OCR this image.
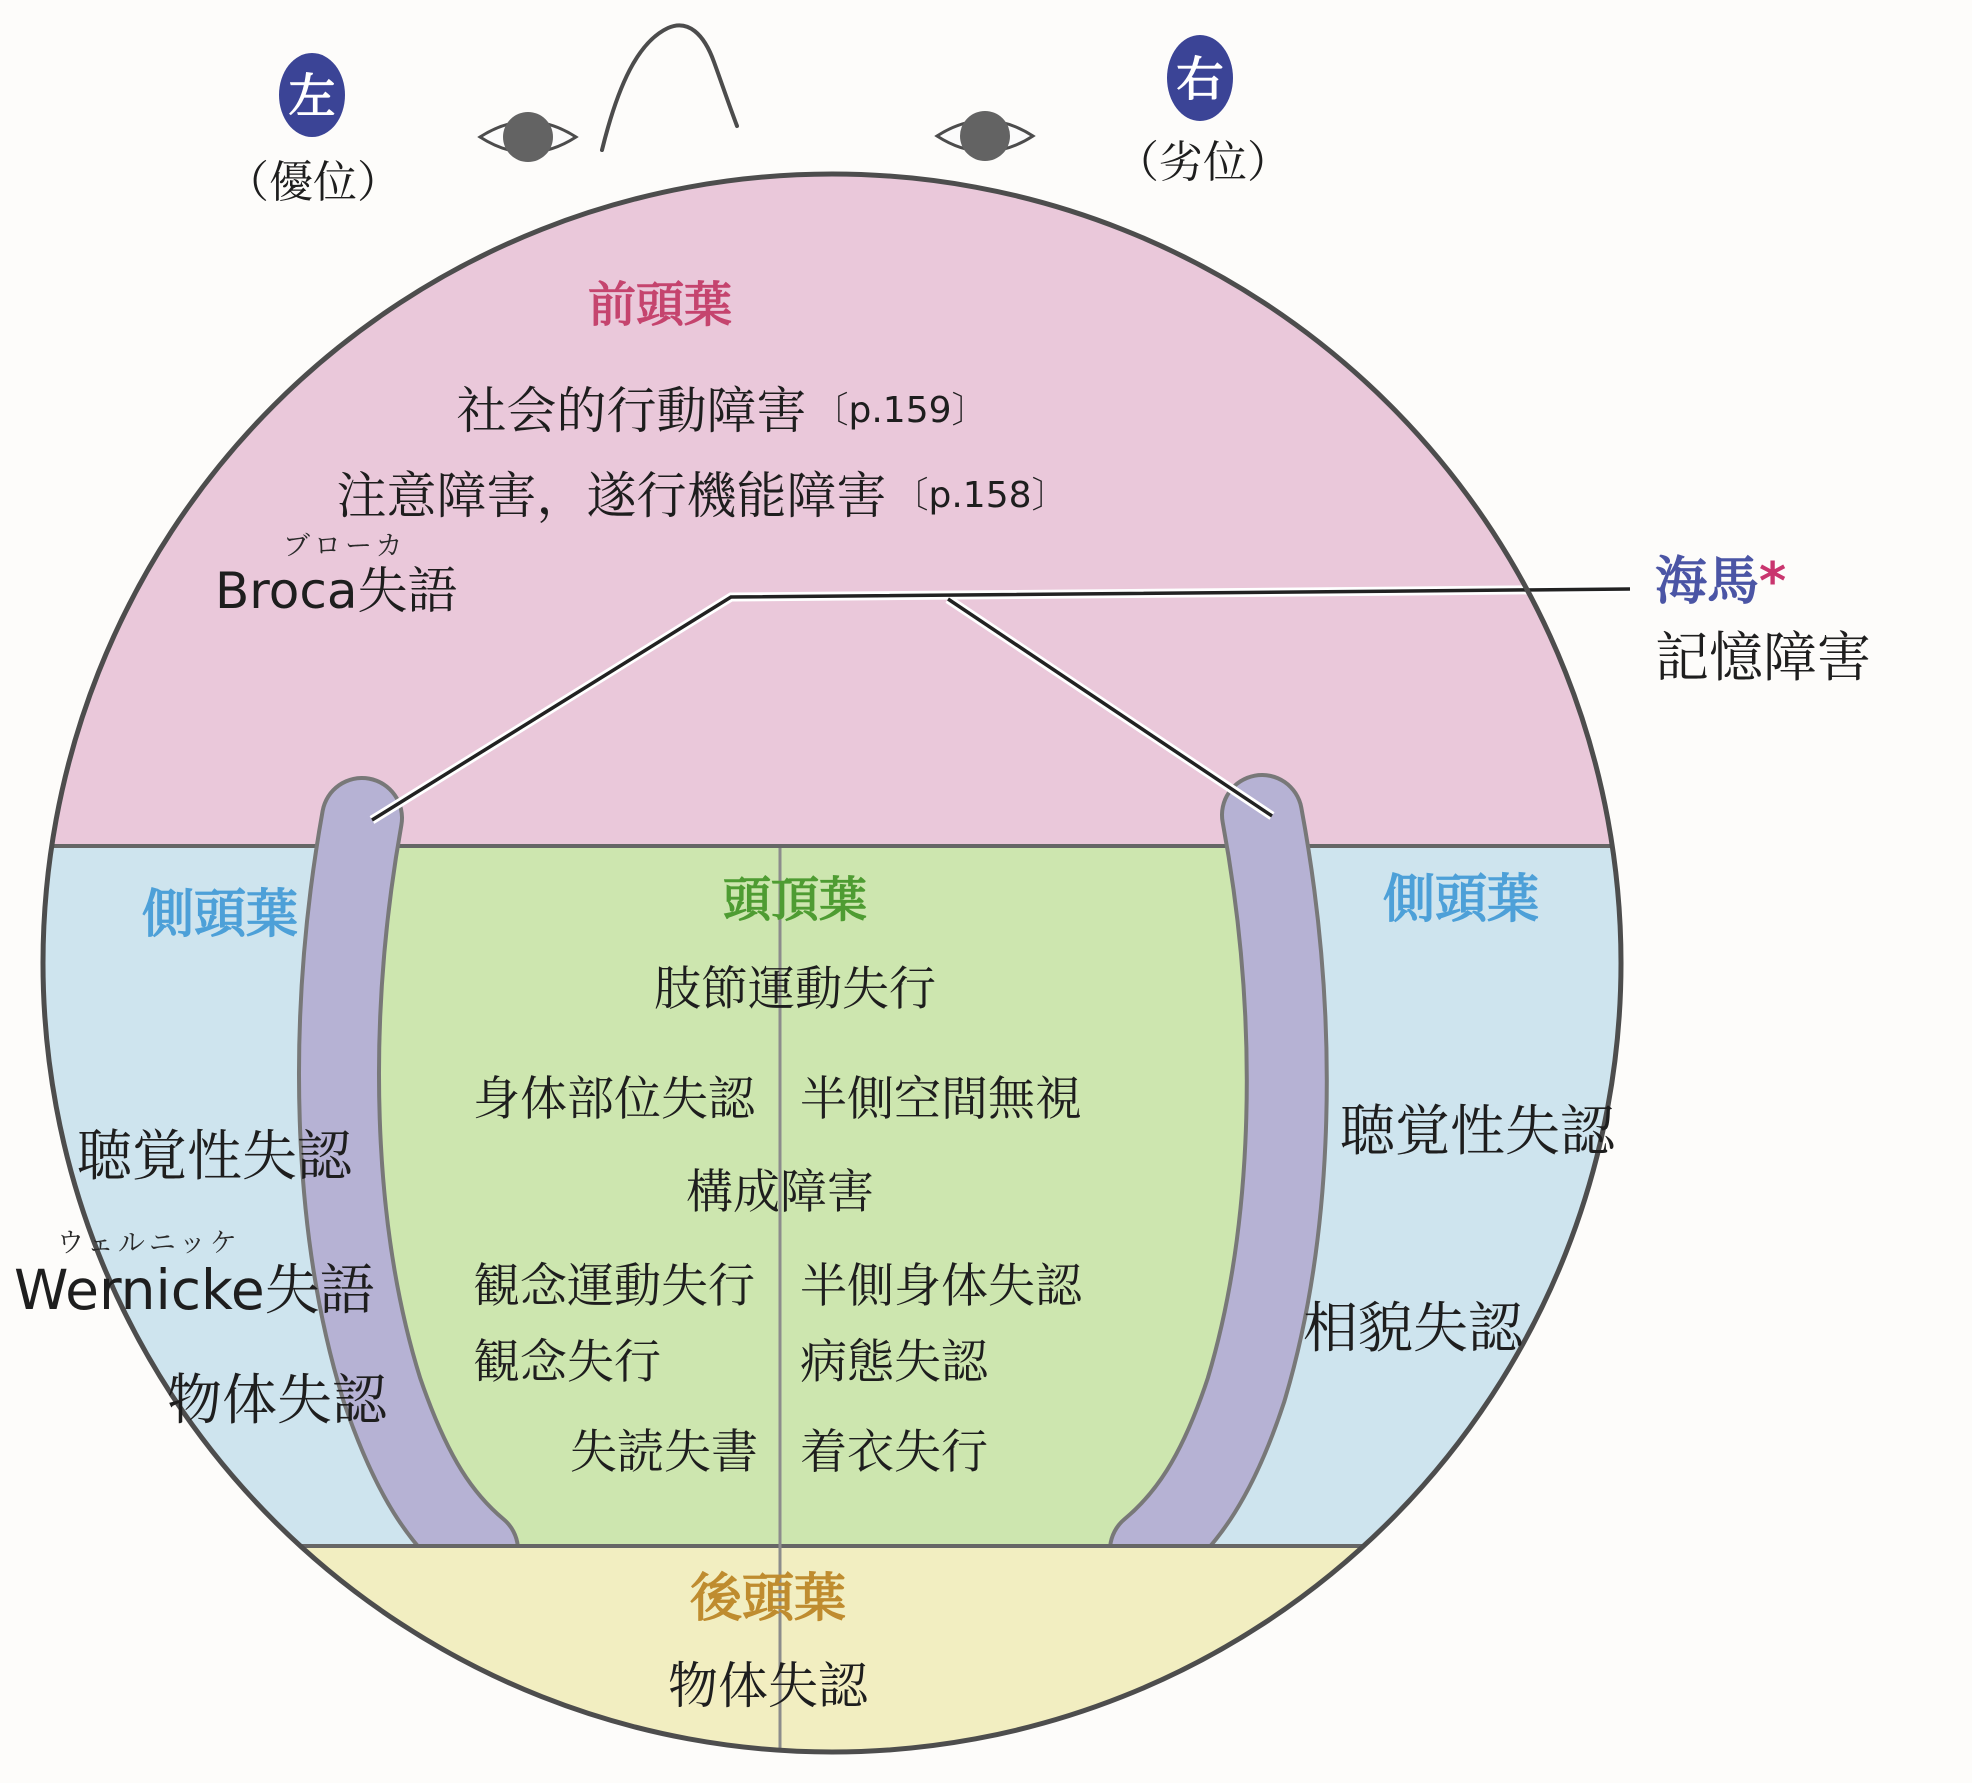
左
（優位）
右
（劣位）
前頭葉
社会的行動障害 〔p.159〕
注意障害，遂行機能障害 〔p.158〕
ブローカ
Broca失語	海馬*
記憶障害
側頭葉
聴覚性失認
ウェルニッケ
Wernicke失語
物体失認
側頭葉
聴覚性失認
相貌失認
頭頂葉
肢節運動失行
身体部位失認 半側空間無視
構成障害
観念運動失行 半側身体失認
観念失行	病態失認
失読失書 着衣失行
後頭葉
物体失認
